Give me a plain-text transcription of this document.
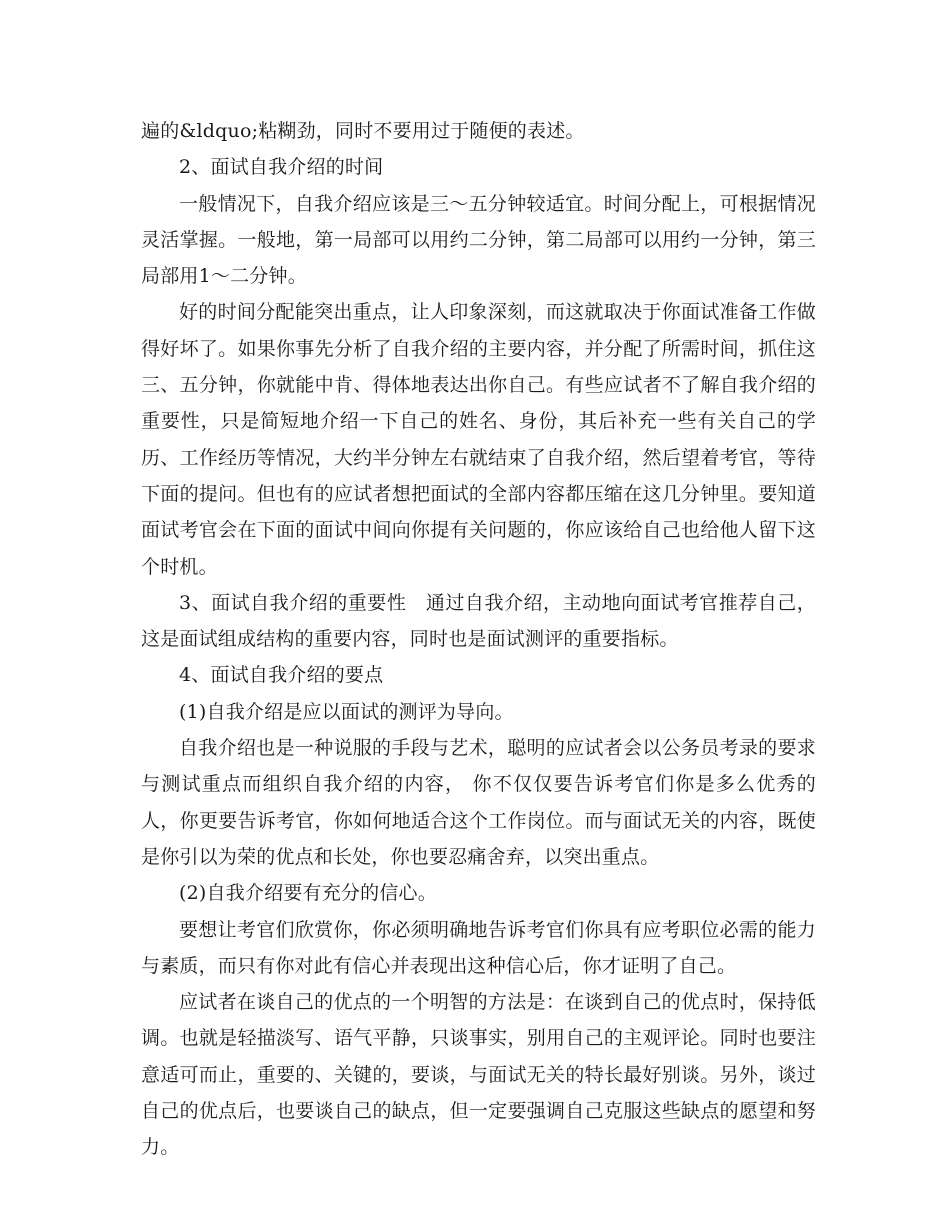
遍的&ldquo;粘糊劲，同时不要用过于随便的表述。

2、面试自我介绍的时间

一般情况下，自我介绍应该是三～五分钟较适宜。时间分配上，可根据情况灵活掌握。一般地，第一局部可以用约二分钟，第二局部可以用约一分钟，第三局部用1～二分钟。

好的时间分配能突出重点，让人印象深刻，而这就取决于你面试准备工作做得好坏了。如果你事先分析了自我介绍的主要内容，并分配了所需时间，抓住这三、五分钟，你就能中肯、得体地表达出你自己。有些应试者不了解自我介绍的重要性，只是简短地介绍一下自己的姓名、身份，其后补充一些有关自己的学历、工作经历等情况，大约半分钟左右就结束了自我介绍，然后望着考官，等待下面的提问。但也有的应试者想把面试的全部内容都压缩在这几分钟里。要知道面试考官会在下面的面试中间向你提有关问题的，你应该给自己也给他人留下这个时机。

3、面试自我介绍的重要性　通过自我介绍，主动地向面试考官推荐自己，这是面试组成结构的重要内容，同时也是面试测评的重要指标。

4、面试自我介绍的要点

(1)自我介绍是应以面试的测评为导向。

自我介绍也是一种说服的手段与艺术，聪明的应试者会以公务员考录的要求与测试重点而组织自我介绍的内容， 你不仅仅要告诉考官们你是多么优秀的人，你更要告诉考官，你如何地适合这个工作岗位。而与面试无关的内容，既使是你引以为荣的优点和长处，你也要忍痛舍弃，以突出重点。

(2)自我介绍要有充分的信心。

要想让考官们欣赏你，你必须明确地告诉考官们你具有应考职位必需的能力与素质，而只有你对此有信心并表现出这种信心后，你才证明了自己。

应试者在谈自己的优点的一个明智的方法是：在谈到自己的优点时，保持低调。也就是轻描淡写、语气平静，只谈事实，别用自己的主观评论。同时也要注意适可而止，重要的、关键的，要谈，与面试无关的特长最好别谈。另外，谈过自己的优点后，也要谈自己的缺点，但一定要强调自己克服这些缺点的愿望和努力。
